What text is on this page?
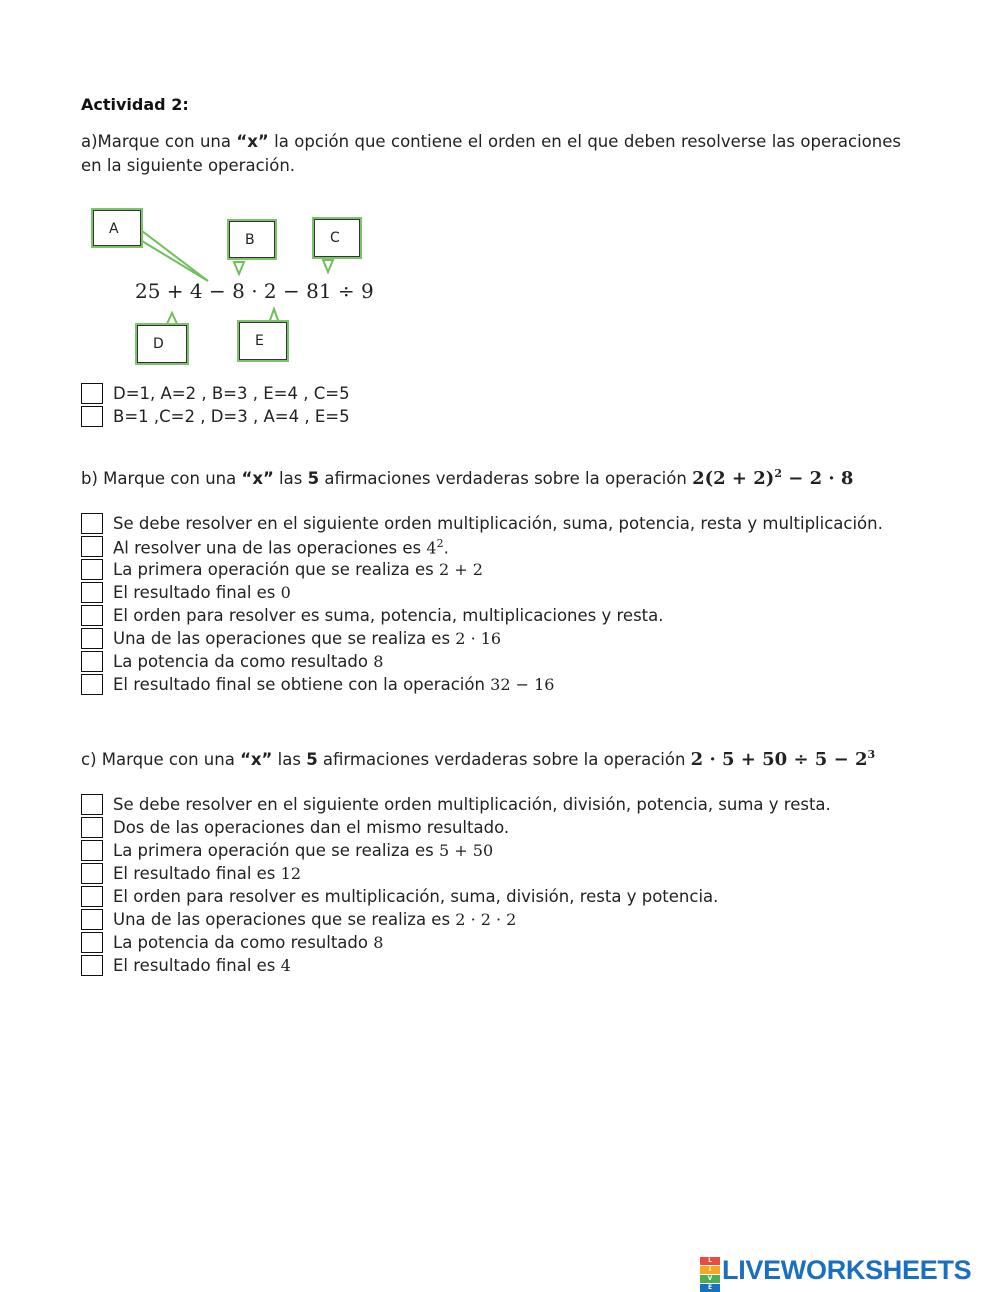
Actividad 2:
a)Marque con una “x” la opción que contiene el orden en el que deben resolverse las operaciones en la siguiente operación.
A
B	C
25 + 4 − 8 · 2 − 81 ÷ 9
D	E
D=1, A=2 , B=3 , E=4 , C=5
B=1 ,C=2 , D=3 , A=4 , E=5
b) Marque con una “x” las 5 afirmaciones verdaderas sobre la operación $2(2 + 2)^2 - 2 \cdot 8$
Se debe resolver en el siguiente orden multiplicación, suma, potencia, resta y multiplicación.
Al resolver una de las operaciones es $4^2$.
La primera operación que se realiza es 2 + 2
El resultado final es 0
El orden para resolver es suma, potencia, multiplicaciones y resta.
Una de las operaciones que se realiza es 2 · 16
La potencia da como resultado 8
El resultado final se obtiene con la operación 32 − 16
c) Marque con una “x” las 5 afirmaciones verdaderas sobre la operación $2 \cdot 5 + 50 \div 5 - 2^3$
Se debe resolver en el siguiente orden multiplicación, división, potencia, suma y resta.
Dos de las operaciones dan el mismo resultado.
La primera operación que se realiza es 5 + 50
El resultado final es 12
El orden para resolver es multiplicación, suma, división, resta y potencia.
Una de las operaciones que se realiza es 2 · 2 · 2
La potencia da como resultado 8
El resultado final es 4
L
I
V
E
LIVEWORKSHEETS
